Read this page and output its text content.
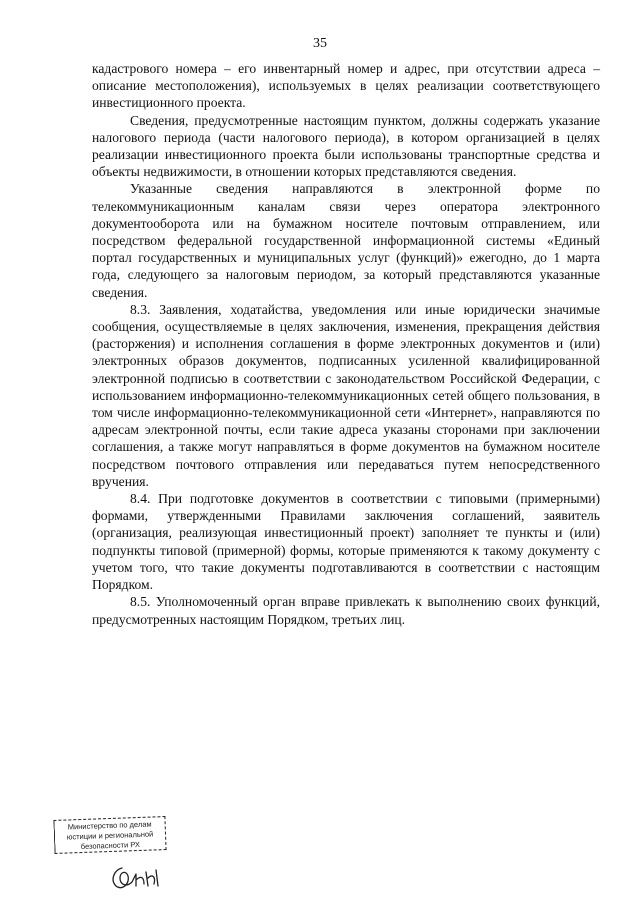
35

кадастрового номера – его инвентарный номер и адрес, при отсутствии адреса – описание местоположения), используемых в целях реализации соответствующего инвестиционного проекта.

Сведения, предусмотренные настоящим пунктом, должны содержать указание налогового периода (части налогового периода), в котором организацией в целях реализации инвестиционного проекта были использованы транспортные средства и объекты недвижимости, в отношении которых представляются сведения.

Указанные сведения направляются в электронной форме по телекоммуникационным каналам связи через оператора электронного документооборота или на бумажном носителе почтовым отправлением, или посредством федеральной государственной информационной системы «Единый портал государственных и муниципальных услуг (функций)» ежегодно, до 1 марта года, следующего за налоговым периодом, за который представляются указанные сведения.

8.3. Заявления, ходатайства, уведомления или иные юридически значимые сообщения, осуществляемые в целях заключения, изменения, прекращения действия (расторжения) и исполнения соглашения в форме электронных документов и (или) электронных образов документов, подписанных усиленной квалифицированной электронной подписью в соответствии с законодательством Российской Федерации, с использованием информационно-телекоммуникационных сетей общего пользования, в том числе информационно-телекоммуникационной сети «Интернет», направляются по адресам электронной почты, если такие адреса указаны сторонами при заключении соглашения, а также могут направляться в форме документов на бумажном носителе посредством почтового отправления или передаваться путем непосредственного вручения.

8.4. При подготовке документов в соответствии с типовыми (примерными) формами, утвержденными Правилами заключения соглашений, заявитель (организация, реализующая инвестиционный проект) заполняет те пункты и (или) подпункты типовой (примерной) формы, которые применяются к такому документу с учетом того, что такие документы подготавливаются в соответствии с настоящим Порядком.

8.5. Уполномоченный орган вправе привлекать к выполнению своих функций, предусмотренных настоящим Порядком, третьих лиц.

Министерство по делам
юстиции и региональной
безопасности РХ
